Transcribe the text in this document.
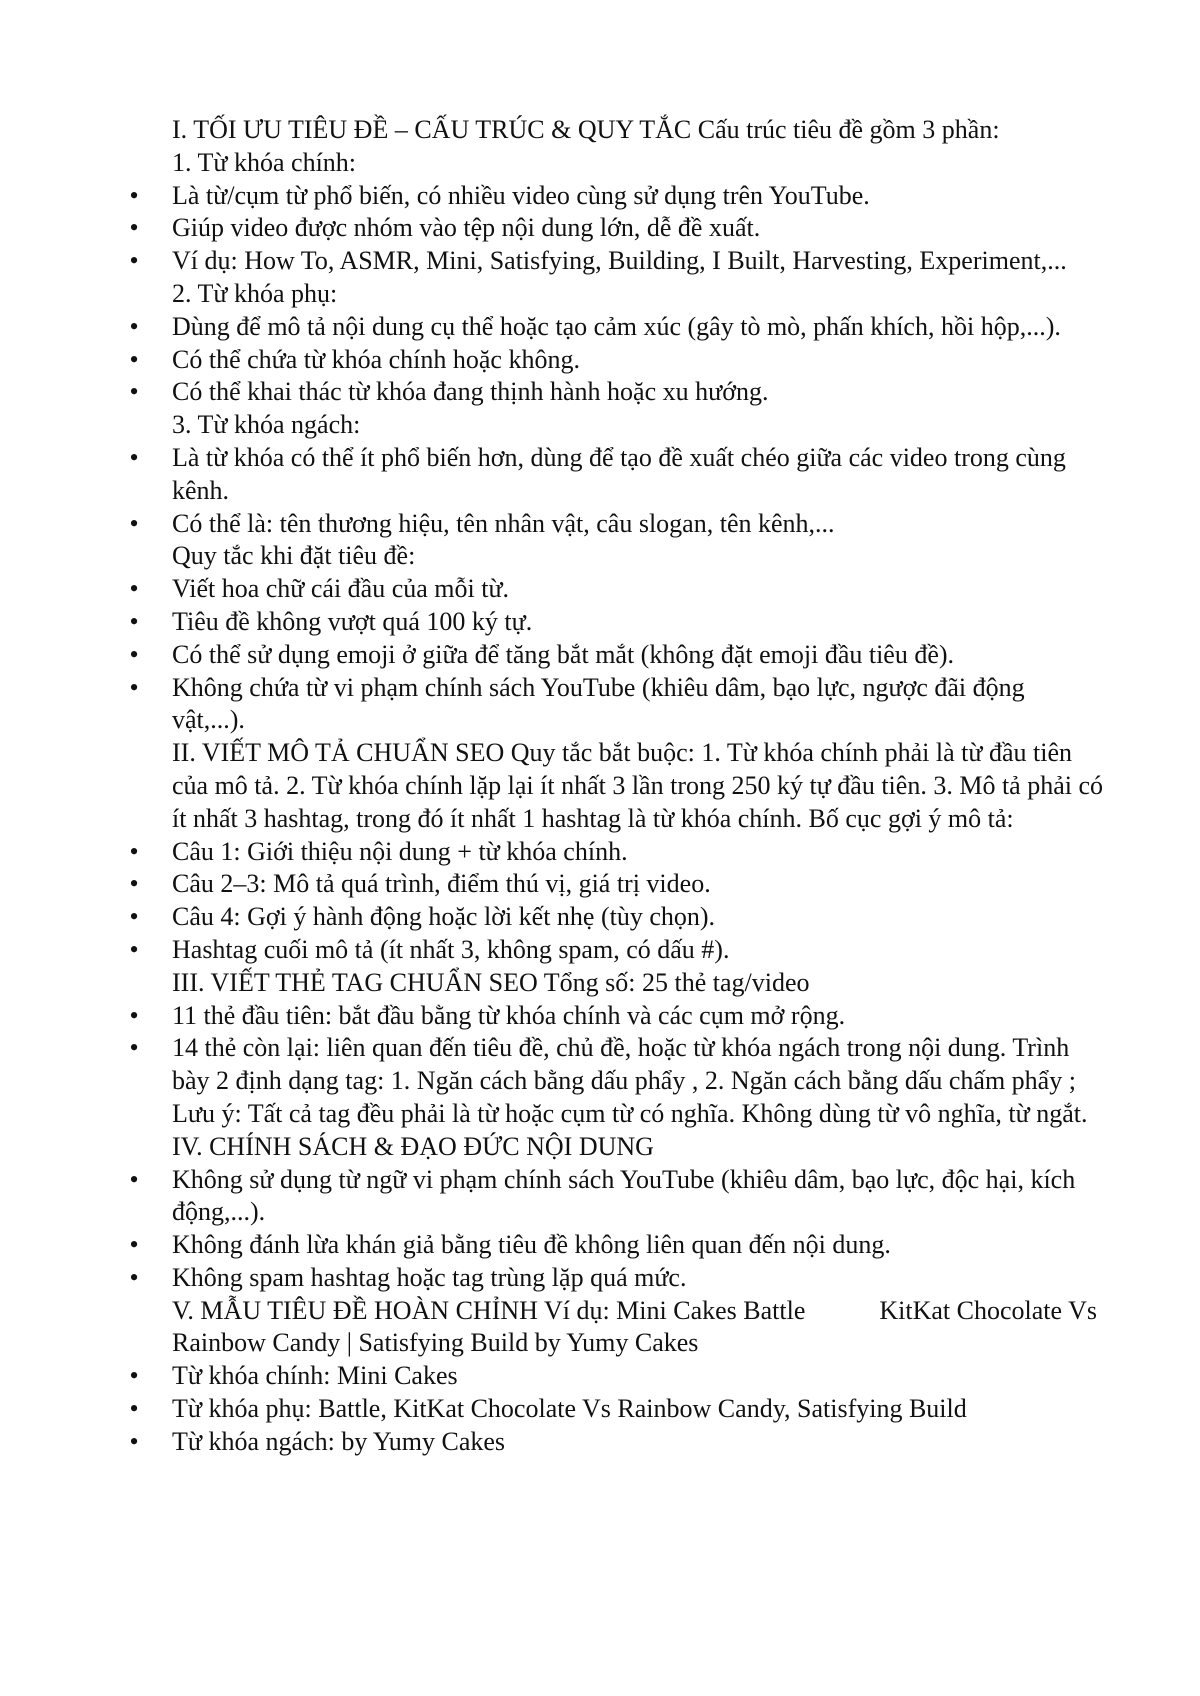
I. TỐI ƯU TIÊU ĐỀ – CẤU TRÚC & QUY TẮC Cấu trúc tiêu đề gồm 3 phần:
1. Từ khóa chính:
• Là từ/cụm từ phổ biến, có nhiều video cùng sử dụng trên YouTube.
• Giúp video được nhóm vào tệp nội dung lớn, dễ đề xuất.
• Ví dụ: How To, ASMR, Mini, Satisfying, Building, I Built, Harvesting, Experiment,...
2. Từ khóa phụ:
• Dùng để mô tả nội dung cụ thể hoặc tạo cảm xúc (gây tò mò, phấn khích, hồi hộp,...).
• Có thể chứa từ khóa chính hoặc không.
• Có thể khai thác từ khóa đang thịnh hành hoặc xu hướng.
3. Từ khóa ngách:
• Là từ khóa có thể ít phổ biến hơn, dùng để tạo đề xuất chéo giữa các video trong cùng kênh.
• Có thể là: tên thương hiệu, tên nhân vật, câu slogan, tên kênh,...
Quy tắc khi đặt tiêu đề:
• Viết hoa chữ cái đầu của mỗi từ.
• Tiêu đề không vượt quá 100 ký tự.
• Có thể sử dụng emoji ở giữa để tăng bắt mắt (không đặt emoji đầu tiêu đề).
• Không chứa từ vi phạm chính sách YouTube (khiêu dâm, bạo lực, ngược đãi động vật,...).
II. VIẾT MÔ TẢ CHUẨN SEO Quy tắc bắt buộc: 1. Từ khóa chính phải là từ đầu tiên của mô tả. 2. Từ khóa chính lặp lại ít nhất 3 lần trong 250 ký tự đầu tiên. 3. Mô tả phải có ít nhất 3 hashtag, trong đó ít nhất 1 hashtag là từ khóa chính. Bố cục gợi ý mô tả:
• Câu 1: Giới thiệu nội dung + từ khóa chính.
• Câu 2–3: Mô tả quá trình, điểm thú vị, giá trị video.
• Câu 4: Gợi ý hành động hoặc lời kết nhẹ (tùy chọn).
• Hashtag cuối mô tả (ít nhất 3, không spam, có dấu #).
III. VIẾT THẺ TAG CHUẨN SEO Tổng số: 25 thẻ tag/video
• 11 thẻ đầu tiên: bắt đầu bằng từ khóa chính và các cụm mở rộng.
• 14 thẻ còn lại: liên quan đến tiêu đề, chủ đề, hoặc từ khóa ngách trong nội dung. Trình bày 2 định dạng tag: 1. Ngăn cách bằng dấu phẩy , 2. Ngăn cách bằng dấu chấm phẩy ; Lưu ý: Tất cả tag đều phải là từ hoặc cụm từ có nghĩa. Không dùng từ vô nghĩa, từ ngắt. IV. CHÍNH SÁCH & ĐẠO ĐỨC NỘI DUNG
• Không sử dụng từ ngữ vi phạm chính sách YouTube (khiêu dâm, bạo lực, độc hại, kích động,...).
• Không đánh lừa khán giả bằng tiêu đề không liên quan đến nội dung.
• Không spam hashtag hoặc tag trùng lặp quá mức.
V. MẪU TIÊU ĐỀ HOÀN CHỈNH Ví dụ: Mini Cakes Battle	KitKat Chocolate Vs Rainbow Candy | Satisfying Build by Yumy Cakes
• Từ khóa chính: Mini Cakes
• Từ khóa phụ: Battle, KitKat Chocolate Vs Rainbow Candy, Satisfying Build
• Từ khóa ngách: by Yumy Cakes
